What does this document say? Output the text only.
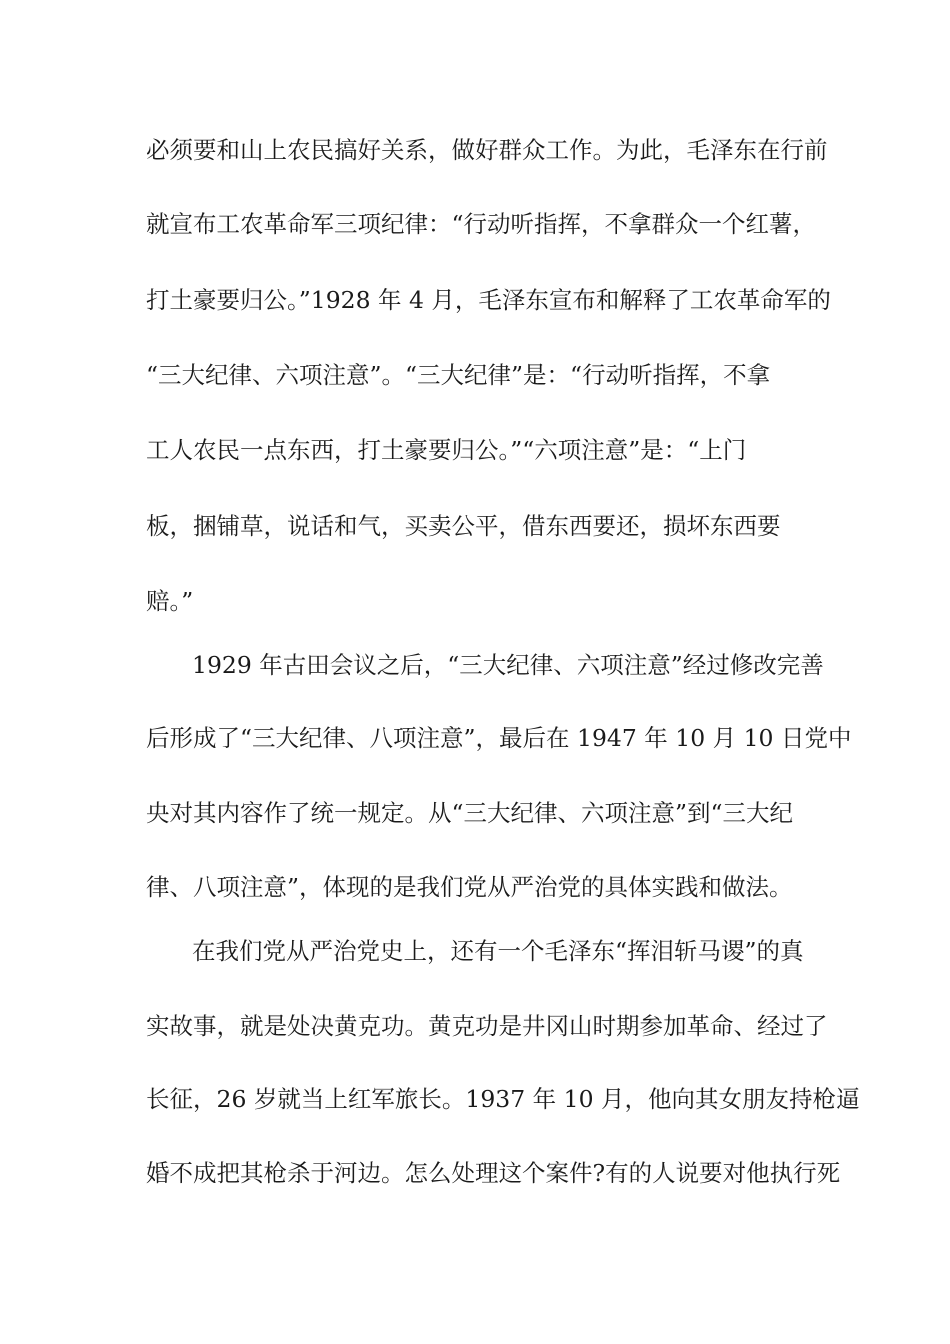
必须要和山上农民搞好关系，做好群众工作。为此，毛泽东在行前
就宣布工农革命军三项纪律：“行动听指挥，不拿群众一个红薯，
打土豪要归公。”1928 年 4 月，毛泽东宣布和解释了工农革命军的
“三大纪律、六项注意”。“三大纪律”是：“行动听指挥，不拿
工人农民一点东西，打土豪要归公。”“六项注意”是：“上门
板，捆铺草，说话和气，买卖公平，借东西要还，损坏东西要
赔。”
1929 年古田会议之后，“三大纪律、六项注意”经过修改完善
后形成了“三大纪律、八项注意”，最后在 1947 年 10 月 10 日党中
央对其内容作了统一规定。从“三大纪律、六项注意”到“三大纪
律、八项注意”，体现的是我们党从严治党的具体实践和做法。
在我们党从严治党史上，还有一个毛泽东“挥泪斩马谡”的真
实故事，就是处决黄克功。黄克功是井冈山时期参加革命、经过了
长征，26 岁就当上红军旅长。1937 年 10 月，他向其女朋友持枪逼
婚不成把其枪杀于河边。怎么处理这个案件?有的人说要对他执行死
